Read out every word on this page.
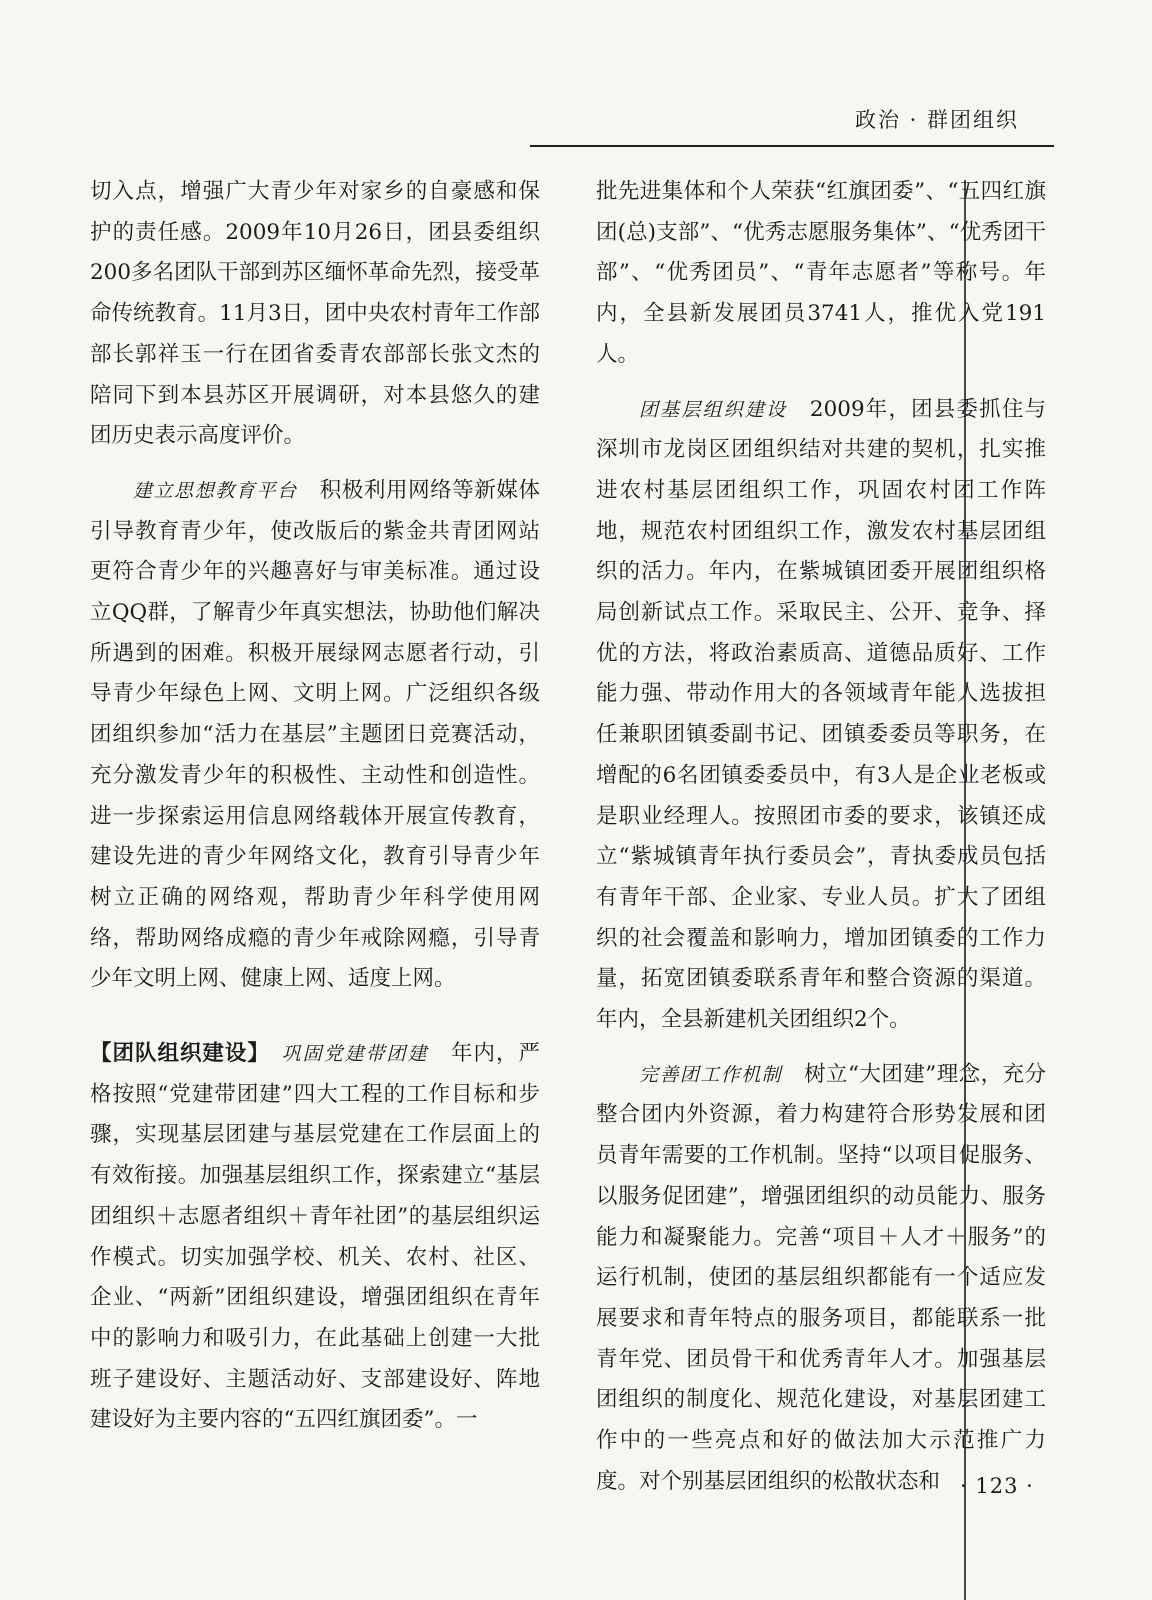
政治 · 群团组织

切入点，增强广大青少年对家乡的自豪感和保护的责任感。2009年10月26日，团县委组织200多名团队干部到苏区缅怀革命先烈，接受革命传统教育。11月3日，团中央农村青年工作部部长郭祥玉一行在团省委青农部部长张文杰的陪同下到本县苏区开展调研，对本县悠久的建团历史表示高度评价。

建立思想教育平台　 积极利用网络等新媒体引导教育青少年，使改版后的紫金共青团网站更符合青少年的兴趣喜好与审美标准。通过设立QQ群，了解青少年真实想法，协助他们解决所遇到的困难。积极开展绿网志愿者行动，引导青少年绿色上网、文明上网。广泛组织各级团组织参加“活力在基层”主题团日竞赛活动，充分激发青少年的积极性、主动性和创造性。进一步探索运用信息网络载体开展宣传教育，建设先进的青少年网络文化，教育引导青少年树立正确的网络观，帮助青少年科学使用网络，帮助网络成瘾的青少年戒除网瘾，引导青少年文明上网、健康上网、适度上网。

【团队组织建设】  巩固党建带团建　 年内，严格按照“党建带团建”四大工程的工作目标和步骤，实现基层团建与基层党建在工作层面上的有效衔接。加强基层组织工作，探索建立“基层团组织＋志愿者组织＋青年社团”的基层组织运作模式。切实加强学校、机关、农村、社区、企业、“两新”团组织建设，增强团组织在青年中的影响力和吸引力，在此基础上创建一大批班子建设好、主题活动好、支部建设好、阵地建设好为主要内容的“五四红旗团委”。一

批先进集体和个人荣获“红旗团委”、“五四红旗团(总)支部”、“优秀志愿服务集体”、“优秀团干部”、“优秀团员”、“青年志愿者”等称号。年内，全县新发展团员3741人，推优入党191人。

团基层组织建设　 2009年，团县委抓住与深圳市龙岗区团组织结对共建的契机，扎实推进农村基层团组织工作，巩固农村团工作阵地，规范农村团组织工作，激发农村基层团组织的活力。年内，在紫城镇团委开展团组织格局创新试点工作。采取民主、公开、竞争、择优的方法，将政治素质高、道德品质好、工作能力强、带动作用大的各领域青年能人选拔担任兼职团镇委副书记、团镇委委员等职务，在增配的6名团镇委委员中，有3人是企业老板或是职业经理人。按照团市委的要求，该镇还成立“紫城镇青年执行委员会”，青执委成员包括有青年干部、企业家、专业人员。扩大了团组织的社会覆盖和影响力，增加团镇委的工作力量，拓宽团镇委联系青年和整合资源的渠道。年内，全县新建机关团组织2个。

完善团工作机制　 树立“大团建”理念，充分整合团内外资源，着力构建符合形势发展和团员青年需要的工作机制。坚持“以项目促服务、以服务促团建”，增强团组织的动员能力、服务能力和凝聚能力。完善“项目＋人才＋服务”的运行机制，使团的基层组织都能有一个适应发展要求和青年特点的服务项目，都能联系一批青年党、团员骨干和优秀青年人才。加强基层团组织的制度化、规范化建设，对基层团建工作中的一些亮点和好的做法加大示范推广力度。对个别基层团组织的松散状态和 · 123 ·
